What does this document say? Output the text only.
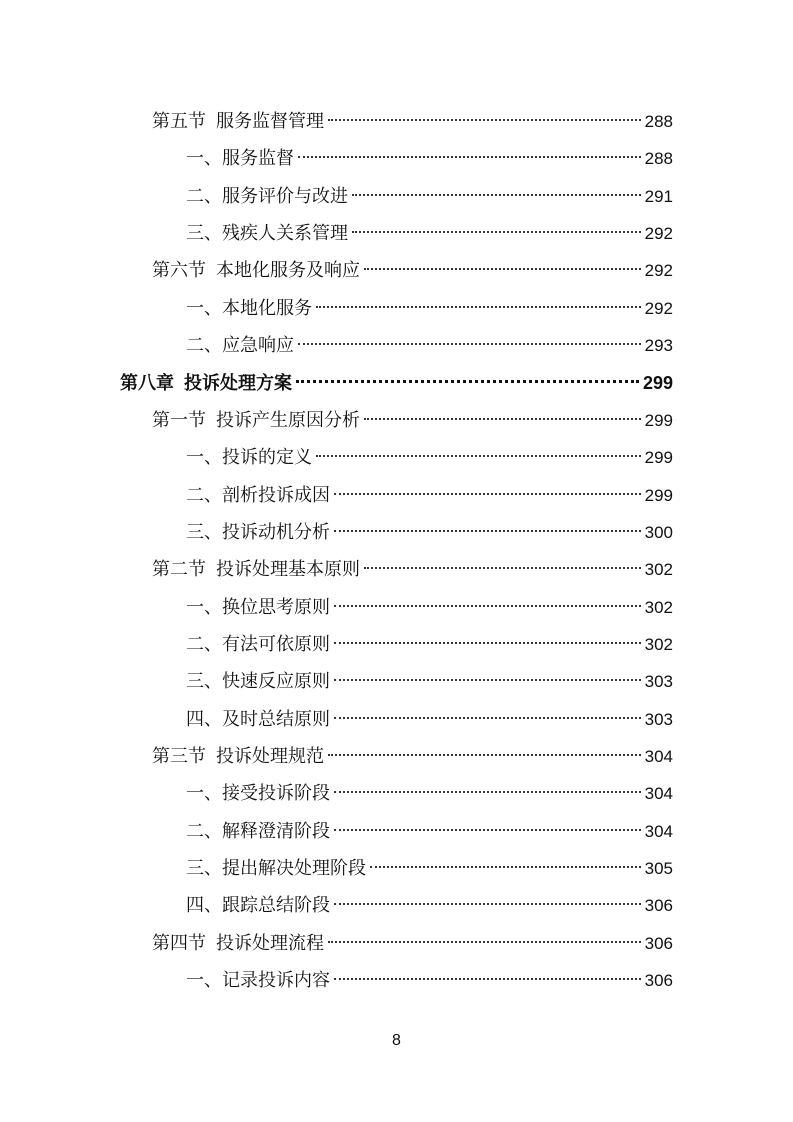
第五节 服务监督管理	288
一、 服务监督	288
二、 服务评价与改进	291
三、 残疾人关系管理	292
第六节 本地化服务及响应	292
一、 本地化服务	292
二、 应急响应	293
第八章 投诉处理方案	299
第一节 投诉产生原因分析	299
一、 投诉的定义	299
二、 剖析投诉成因	299
三、 投诉动机分析	300
第二节 投诉处理基本原则	302
一、 换位思考原则	302
二、 有法可依原则	302
三、 快速反应原则	303
四、 及时总结原则	303
第三节 投诉处理规范	304
一、 接受投诉阶段	304
二、 解释澄清阶段	304
三、 提出解决处理阶段	305
四、 跟踪总结阶段	306
第四节 投诉处理流程	306
一、 记录投诉内容	306
8
